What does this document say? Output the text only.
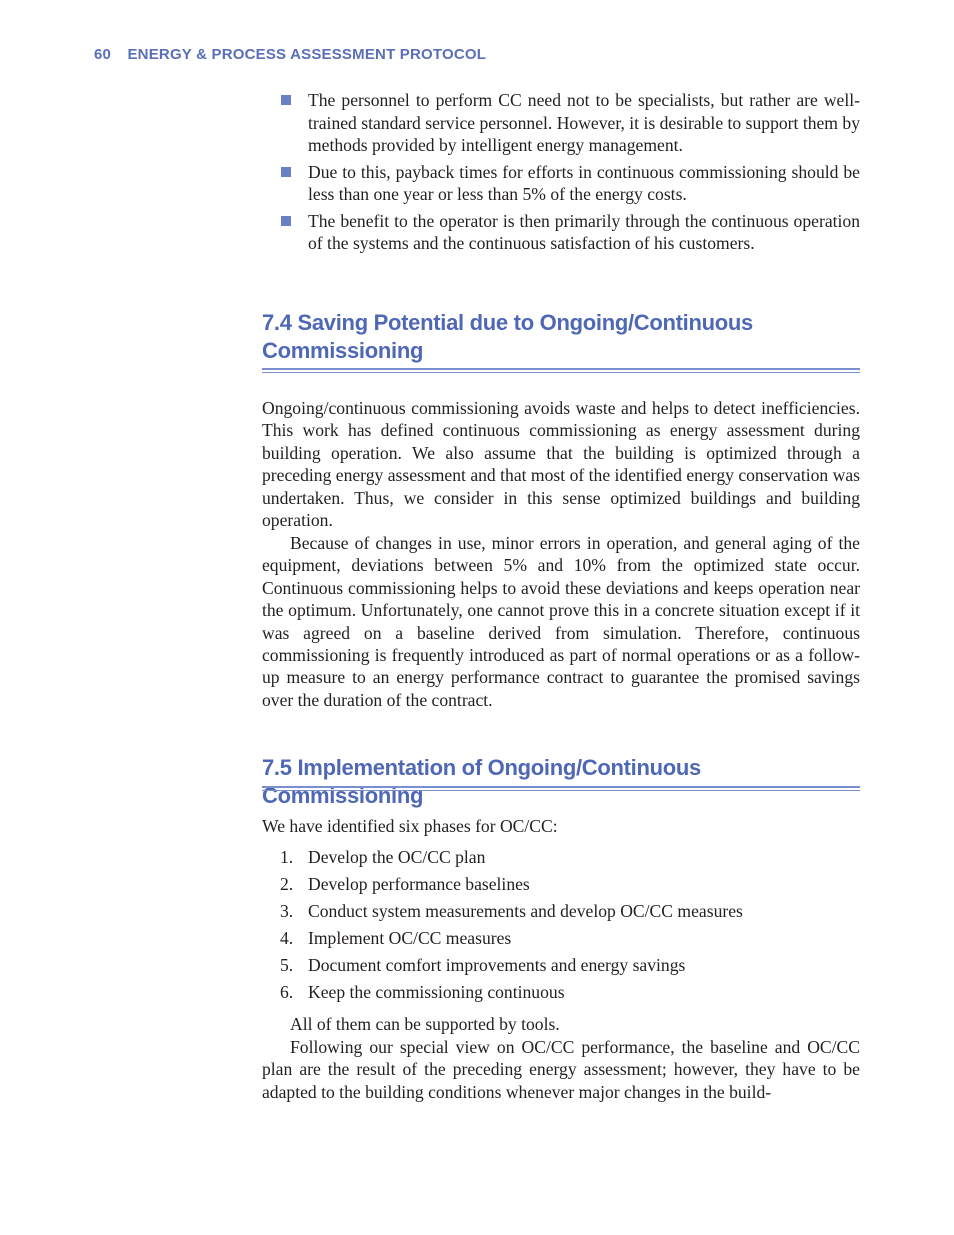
60 ENERGY & PROCESS ASSESSMENT PROTOCOL
The personnel to perform CC need not to be specialists, but rather are well-trained standard service personnel. However, it is desirable to support them by methods provided by intelligent energy management.
Due to this, payback times for efforts in continuous commissioning should be less than one year or less than 5% of the energy costs.
The benefit to the operator is then primarily through the continuous operation of the systems and the continuous satisfaction of his customers.
7.4 Saving Potential due to Ongoing/Continuous
Commissioning

Ongoing/continuous commissioning avoids waste and helps to detect inefficiencies. This work has defined continuous commissioning as energy assessment during building operation. We also assume that the building is optimized through a preceding energy assessment and that most of the identified energy conservation was undertaken. Thus, we consider in this sense optimized buildings and building operation.

Because of changes in use, minor errors in operation, and general aging of the equipment, deviations between 5% and 10% from the optimized state occur. Continuous commissioning helps to avoid these deviations and keeps operation near the optimum. Unfortunately, one cannot prove this in a concrete situation except if it was agreed on a baseline derived from simulation. Therefore, continuous commissioning is frequently introduced as part of normal operations or as a follow-up measure to an energy performance contract to guarantee the promised savings over the duration of the contract.

7.5 Implementation of Ongoing/Continuous Commissioning

We have identified six phases for OC/CC:

1. Develop the OC/CC plan
2. Develop performance baselines
3. Conduct system measurements and develop OC/CC measures
4. Implement OC/CC measures
5. Document comfort improvements and energy savings
6. Keep the commissioning continuous

All of them can be supported by tools.

Following our special view on OC/CC performance, the baseline and OC/CC plan are the result of the preceding energy assessment; however, they have to be adapted to the building conditions whenever major changes in the build-
